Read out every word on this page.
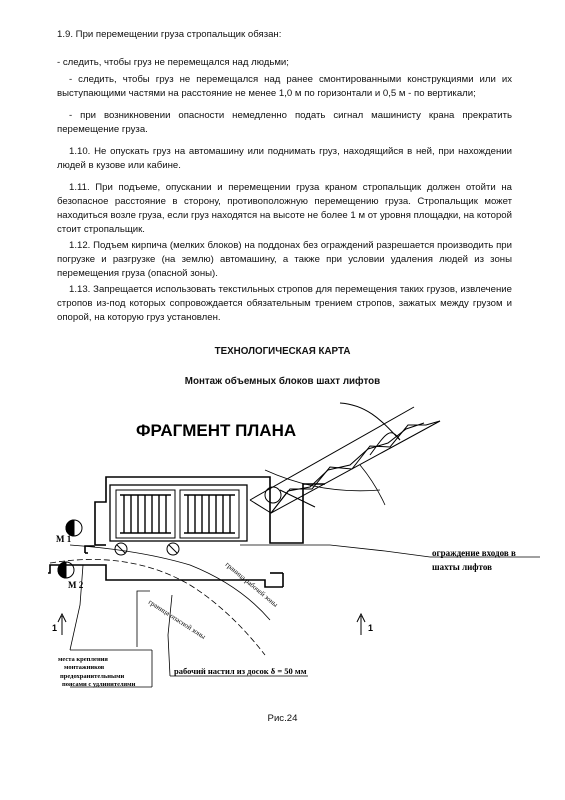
1.9. При перемещении груза стропальщик обязан:

- следить, чтобы груз не перемещался над людьми;

- следить, чтобы груз не перемещался над ранее смонтированными конструкциями или их выступающими частями на расстояние не менее 1,0 м по горизонтали и 0,5 м - по вертикали;

- при возникновении опасности немедленно подать сигнал машинисту крана прекратить перемещение груза.

1.10. Не опускать груз на автомашину или поднимать груз, находящийся в ней, при нахождении людей в кузове или кабине.

1.11. При подъеме, опускании и перемещении груза краном стропальщик должен отойти на безопасное расстояние в сторону, противоположную перемещению груза. Стропальщик может находиться возле груза, если груз находятся на высоте не более 1 м от уровня площадки, на которой стоит стропальщик.

1.12. Подъем кирпича (мелких блоков) на поддонах без ограждений разрешается производить при погрузке и разгрузке (на землю) автомашину, а также при условии удаления людей из зоны перемещения груза (опасной зоны).

1.13. Запрещается использовать текстильных стропов для перемещения таких грузов, извлечение стропов из-под которых сопровождается обязательным трением стропов, зажатых между грузом и опорой, на которую груз установлен.

ТЕХНОЛОГИЧЕСКАЯ КАРТА
Монтаж объемных блоков шахт лифтов
ФРАГМЕНТ ПЛАНА
М 1
М 2
1	1
ограждение входов в
шахты лифтов
граница рабочей зоны
граница опасной зоны
места крепления
монтажников
предохранительными
поясами с удлинителями
рабочий настил из досок δ = 50 мм
Рис.24
